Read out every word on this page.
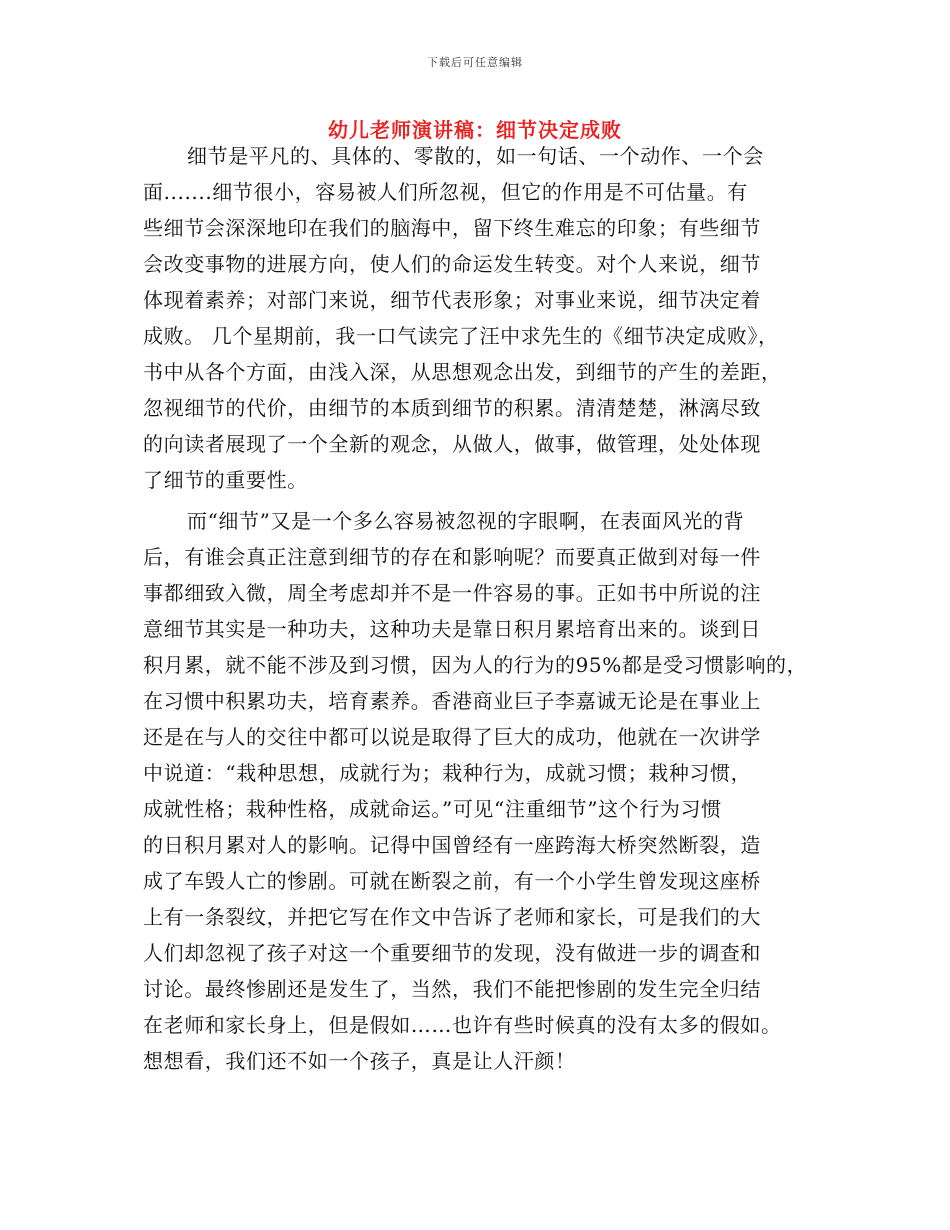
下载后可任意编辑
幼儿老师演讲稿：细节决定成败
细节是平凡的、具体的、零散的，如一句话、一个动作、一个会
面.......细节很小，容易被人们所忽视，但它的作用是不可估量。有
些细节会深深地印在我们的脑海中，留下终生难忘的印象；有些细节
会改变事物的进展方向，使人们的命运发生转变。对个人来说，细节
体现着素养；对部门来说，细节代表形象；对事业来说，细节决定着
成败。 几个星期前，我一口气读完了汪中求先生的《细节决定成败》，
书中从各个方面，由浅入深，从思想观念出发，到细节的产生的差距，
忽视细节的代价，由细节的本质到细节的积累。清清楚楚，淋漓尽致
的向读者展现了一个全新的观念，从做人，做事，做管理，处处体现
了细节的重要性。
而“细节”又是一个多么容易被忽视的字眼啊，在表面风光的背
后，有谁会真正注意到细节的存在和影响呢？而要真正做到对每一件
事都细致入微，周全考虑却并不是一件容易的事。正如书中所说的注
意细节其实是一种功夫，这种功夫是靠日积月累培育出来的。谈到日
积月累，就不能不涉及到习惯，因为人的行为的95%都是受习惯影响的，
在习惯中积累功夫，培育素养。香港商业巨子李嘉诚无论是在事业上
还是在与人的交往中都可以说是取得了巨大的成功，他就在一次讲学
中说道：“栽种思想，成就行为；栽种行为，成就习惯；栽种习惯，
成就性格；栽种性格，成就命运。”可见“注重细节”这个行为习惯
的日积月累对人的影响。记得中国曾经有一座跨海大桥突然断裂，造
成了车毁人亡的惨剧。可就在断裂之前，有一个小学生曾发现这座桥
上有一条裂纹，并把它写在作文中告诉了老师和家长，可是我们的大
人们却忽视了孩子对这一个重要细节的发现，没有做进一步的调查和
讨论。最终惨剧还是发生了，当然，我们不能把惨剧的发生完全归结
在老师和家长身上，但是假如……也许有些时候真的没有太多的假如。
想想看，我们还不如一个孩子，真是让人汗颜！
